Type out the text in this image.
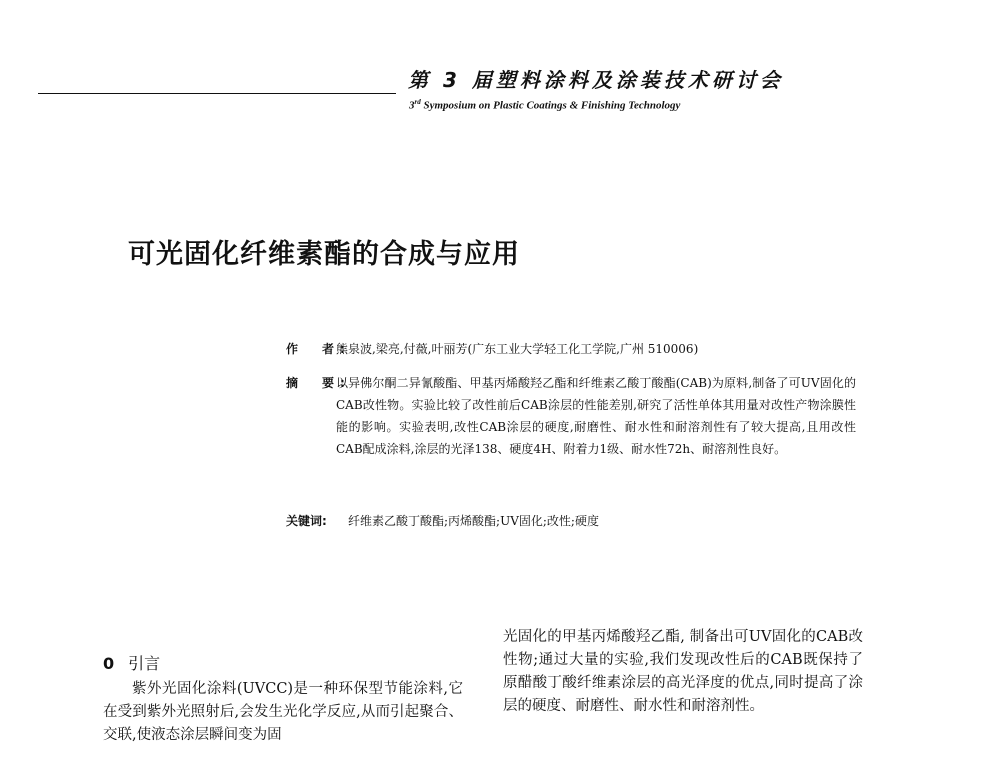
第 3 届塑料涂料及涂装技术研讨会
3rd Symposium on Plastic Coatings & Finishing Technology
可光固化纤维素酯的合成与应用
作　者:
熊泉波,梁亮,付薇,叶丽芳(广东工业大学轻工化工学院,广州 510006)
摘　要:
以异佛尔酮二异氰酸酯、甲基丙烯酸羟乙酯和纤维素乙酸丁酸酯(CAB)为原料,制备了可UV固化的CAB改性物。实验比较了改性前后CAB涂层的性能差别,研究了活性单体其用量对改性产物涂膜性能的影响。实验表明,改性CAB涂层的硬度,耐磨性、耐水性和耐溶剂性有了较大提高,且用改性CAB配成涂料,涂层的光泽138、硬度4H、附着力1级、耐水性72h、耐溶剂性良好。
关键词: 纤维素乙酸丁酸酯;丙烯酸酯;UV固化;改性;硬度
0 引言
紫外光固化涂料(UVCC)是一种环保型节能涂料,它在受到紫外光照射后,会发生光化学反应,从而引起聚合、交联,使液态涂层瞬间变为固
光固化的甲基丙烯酸羟乙酯, 制备出可UV固化的CAB改性物;通过大量的实验,我们发现改性后的CAB既保持了原醋酸丁酸纤维素涂层的高光泽度的优点,同时提高了涂层的硬度、耐磨性、耐水性和耐溶剂性。
